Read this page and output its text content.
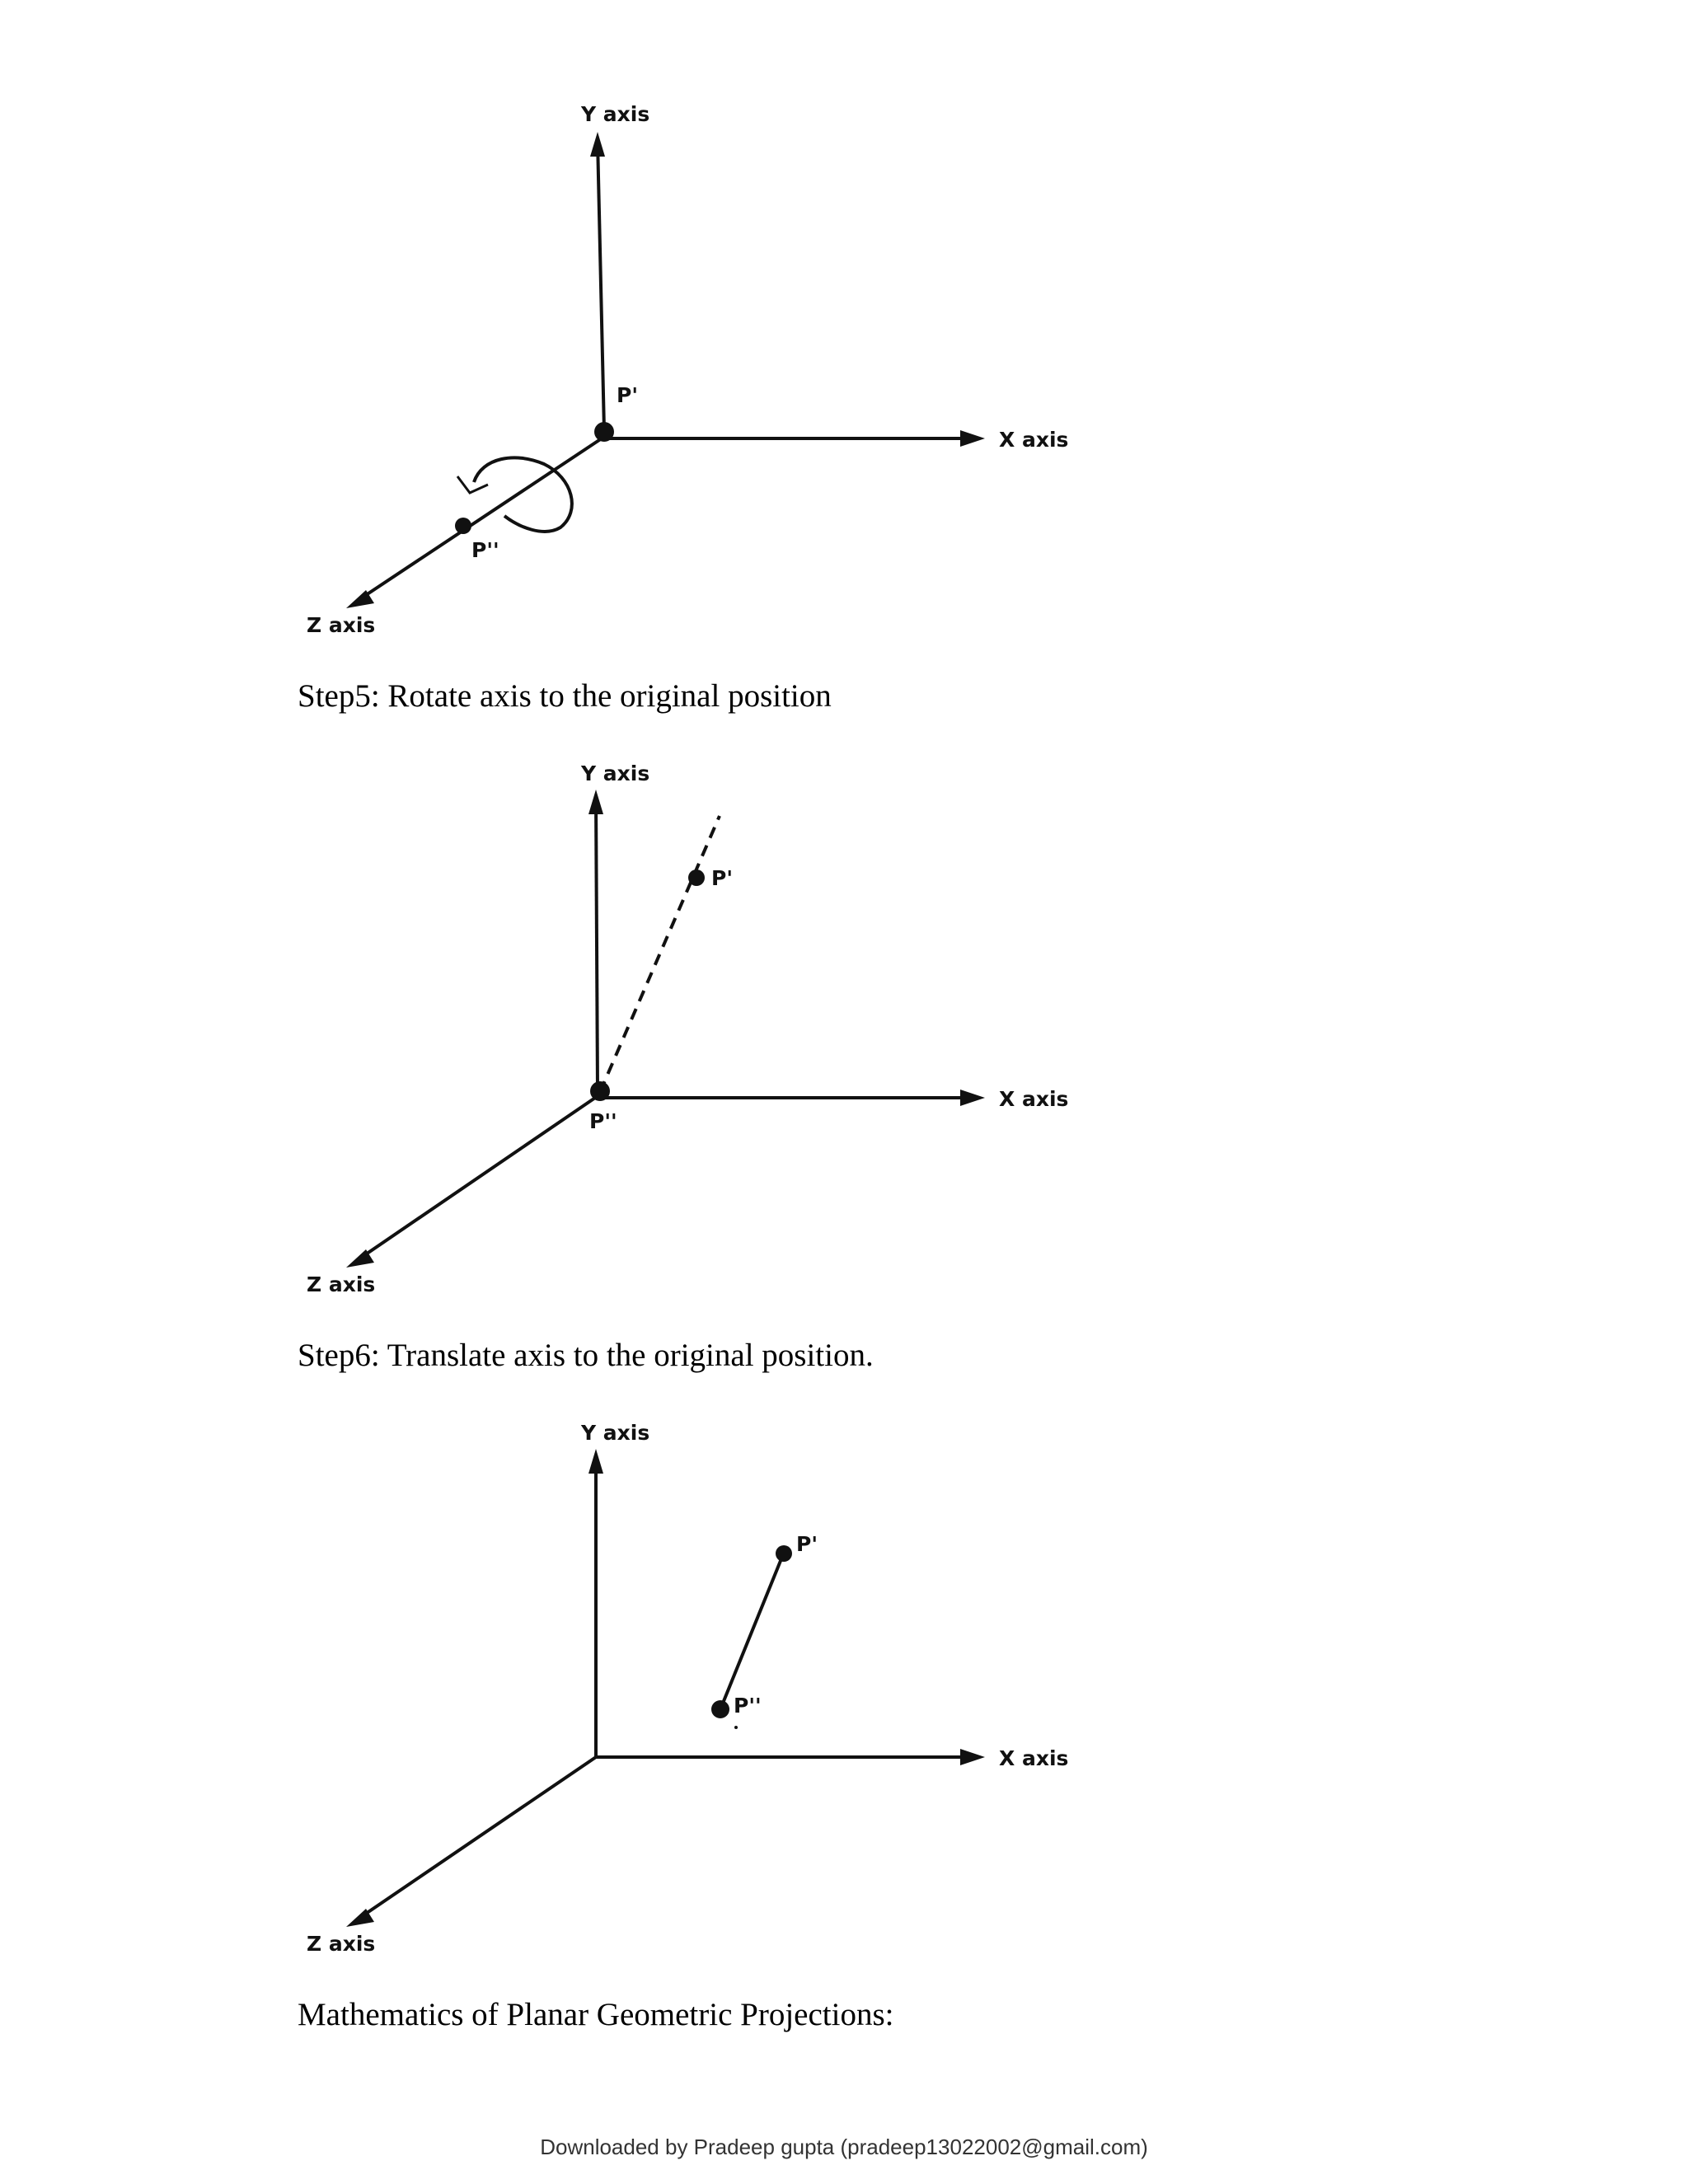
Y axis
X axis
Z axis
P'
P''

Step5: Rotate axis to the original position

Y axis
X axis
Z axis
P'
P''

Step6: Translate axis to the original position.

Y axis
X axis
Z axis
P'
P''

Mathematics of Planar Geometric Projections:

Downloaded by Pradeep gupta (pradeep13022002@gmail.com)
